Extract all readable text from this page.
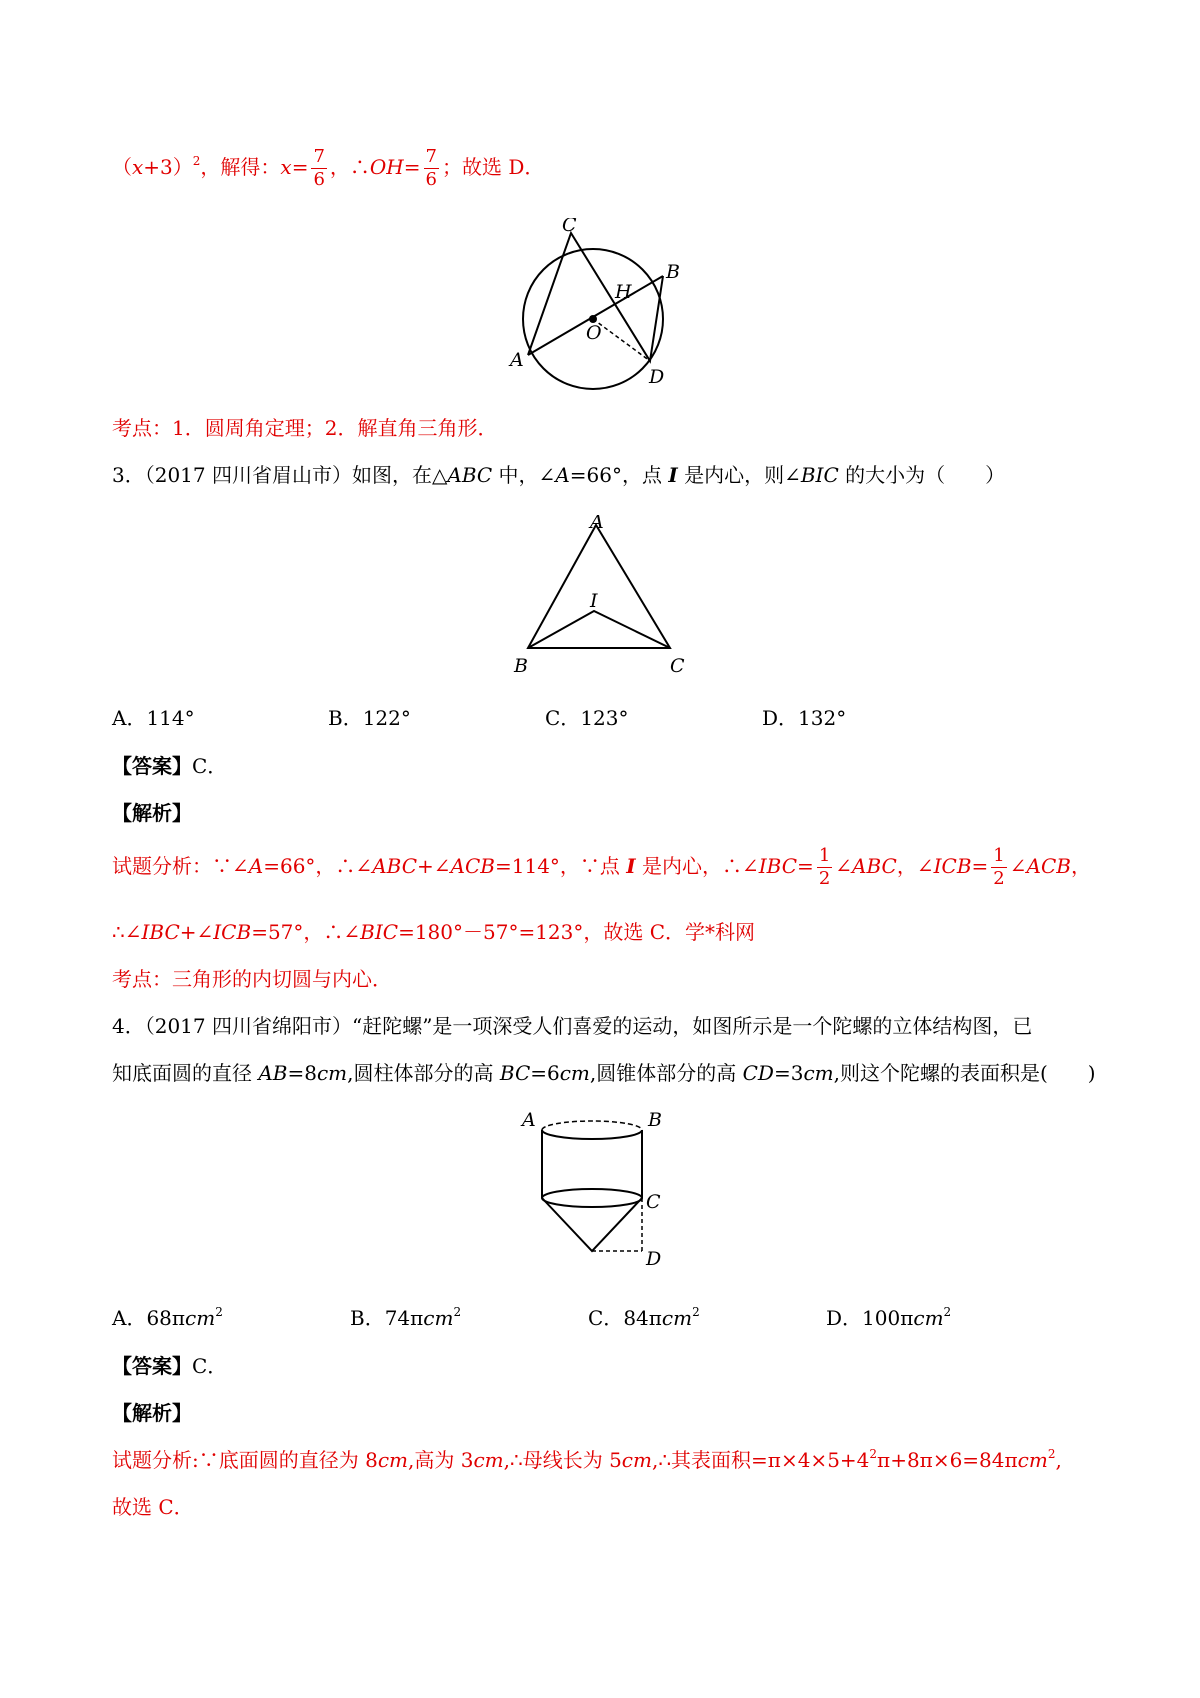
$(x+3)^2$，解得：$x= \frac{7}{6}$ ，∴OH= $\frac{7}{6}$ ；故选 D．
C
B
H
O
A
D
考点：1．圆周角定理；2．解直角三角形．
3．（2017 四川省眉山市）如图，在△ABC 中，∠A=66°，点 I 是内心，则∠BIC 的大小为（　　）
A
I
B	C
A．114°	B．122°	C．123°	D．132°
【答案】C．
【解析】
试题分析：∵∠A=66°，∴∠ABC+∠ACB=114°，∵点 I 是内心，∴∠IBC= $\frac{1}{2}$ ∠ABC，∠ICB= $\frac{1}{2}$ ∠ACB，
∴∠IBC+∠ICB=57°，∴∠BIC=180°－57°=123°，故选 C．学*科网
考点：三角形的内切圆与内心．
4．（2017 四川省绵阳市）“赶陀螺”是一项深受人们喜爱的运动，如图所示是一个陀螺的立体结构图，已
知底面圆的直径 AB=8cm,圆柱体部分的高 BC=6cm,圆锥体部分的高 CD=3cm,则这个陀螺的表面积是(　　)
A	B
C
D
A．68πcm$^2$	B．74πcm$^2$	C．84πcm$^2$	D．100πcm$^2$
【答案】C．
【解析】
试题分析:∵底面圆的直径为 8cm,高为 3cm,∴母线长为 5cm,∴其表面积$=\pi\times 4\times 5+4^2\pi+8\pi\times 6=84\pi cm^2$,
故选 C．
